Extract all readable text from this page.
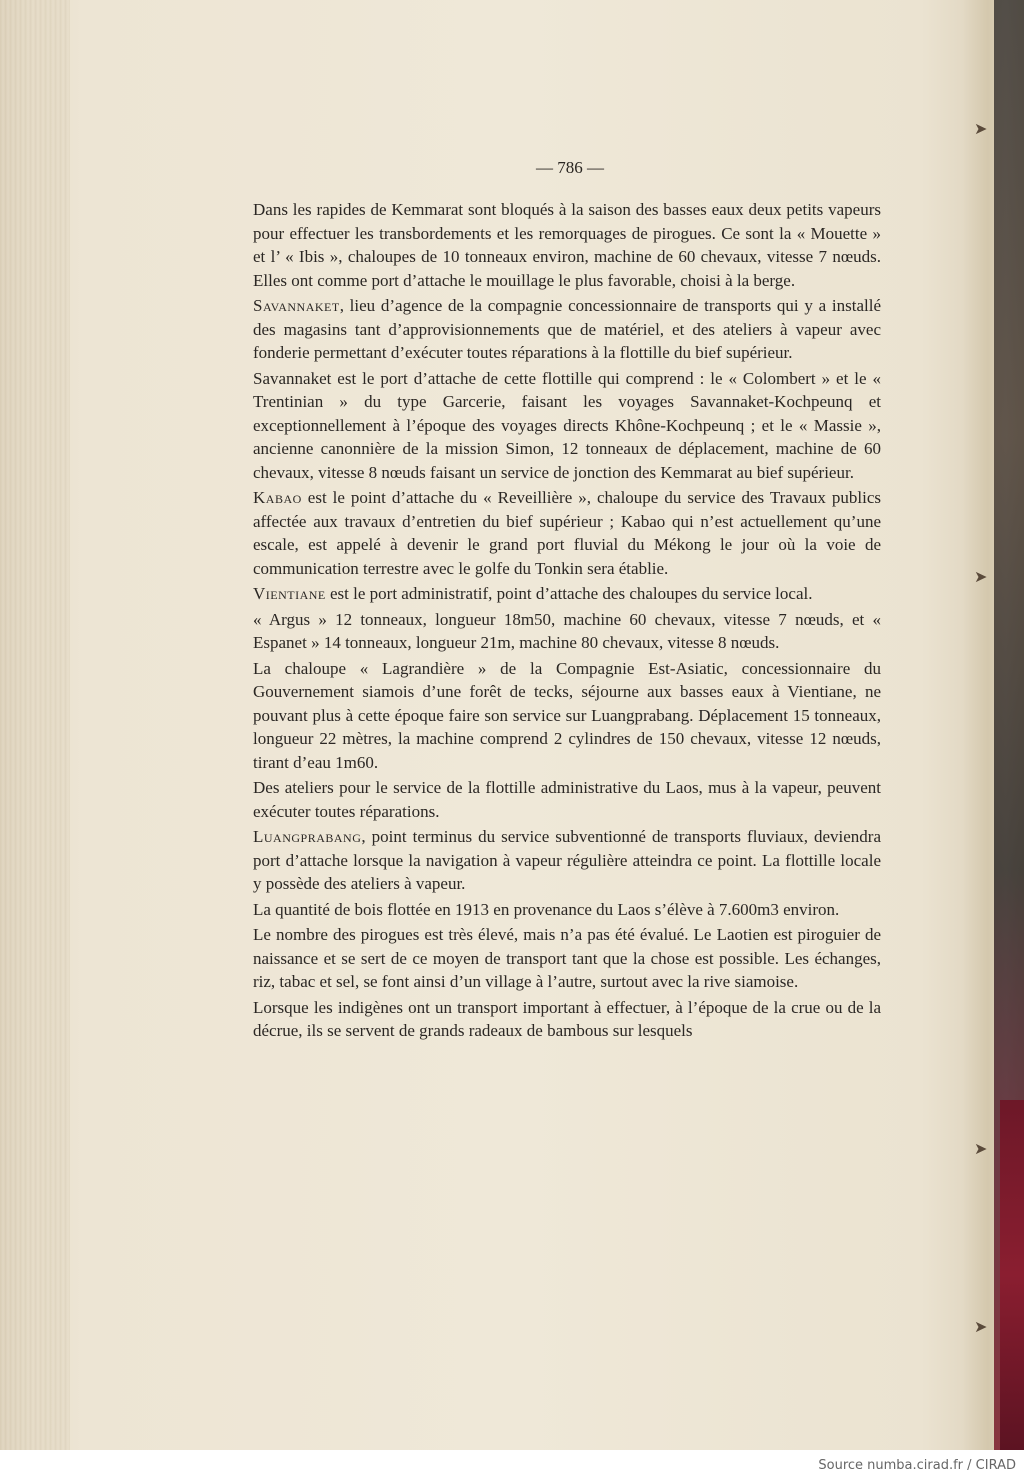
➤
➤
➤
➤
— 786 —

Dans les rapides de Kemmarat sont bloqués à la saison des basses eaux deux petits vapeurs pour effectuer les transbordements et les remorquages de pirogues. Ce sont la « Mouette » et l’ « Ibis », chaloupes de 10 tonneaux environ, machine de 60 chevaux, vitesse 7 nœuds. Elles ont comme port d’attache le mouillage le plus favorable, choisi à la berge.

Savannaket, lieu d’agence de la compagnie concessionnaire de transports qui y a installé des magasins tant d’approvisionnements que de matériel, et des ateliers à vapeur avec fonderie permettant d’exécuter toutes réparations à la flottille du bief supérieur.

Savannaket est le port d’attache de cette flottille qui comprend : le « Colombert » et le « Trentinian » du type Garcerie, faisant les voyages Savannaket-Kochpeunq et exceptionnellement à l’époque des voyages directs Khône-Kochpeunq ; et le « Massie », ancienne canonnière de la mission Simon, 12 tonneaux de déplacement, machine de 60 chevaux, vitesse 8 nœuds faisant un service de jonction des Kemmarat au bief supérieur.

Kabao est le point d’attache du « Reveillière », chaloupe du service des Travaux publics affectée aux travaux d’entretien du bief supérieur ; Kabao qui n’est actuellement qu’une escale, est appelé à devenir le grand port fluvial du Mékong le jour où la voie de communication terrestre avec le golfe du Tonkin sera établie.

Vientiane est le port administratif, point d’attache des chaloupes du service local.

« Argus » 12 tonneaux, longueur 18m50, machine 60 chevaux, vitesse 7 nœuds, et « Espanet » 14 tonneaux, longueur 21m, machine 80 chevaux, vitesse 8 nœuds.

La chaloupe « Lagrandière » de la Compagnie Est-Asiatic, concessionnaire du Gouvernement siamois d’une forêt de tecks, séjourne aux basses eaux à Vientiane, ne pouvant plus à cette époque faire son service sur Luangprabang. Déplacement 15 tonneaux, longueur 22 mètres, la machine comprend 2 cylindres de 150 chevaux, vitesse 12 nœuds, tirant d’eau 1m60.

Des ateliers pour le service de la flottille administrative du Laos, mus à la vapeur, peuvent exécuter toutes réparations.

Luangprabang, point terminus du service subventionné de transports fluviaux, deviendra port d’attache lorsque la navigation à vapeur régulière atteindra ce point. La flottille locale y possède des ateliers à vapeur.

La quantité de bois flottée en 1913 en provenance du Laos s’élève à 7.600m3 environ.

Le nombre des pirogues est très élevé, mais n’a pas été évalué. Le Laotien est piroguier de naissance et se sert de ce moyen de transport tant que la chose est possible. Les échanges, riz, tabac et sel, se font ainsi d’un village à l’autre, surtout avec la rive siamoise.

Lorsque les indigènes ont un transport important à effectuer, à l’époque de la crue ou de la décrue, ils se servent de grands radeaux de bambous sur lesquels

Source numba.cirad.fr / CIRAD
